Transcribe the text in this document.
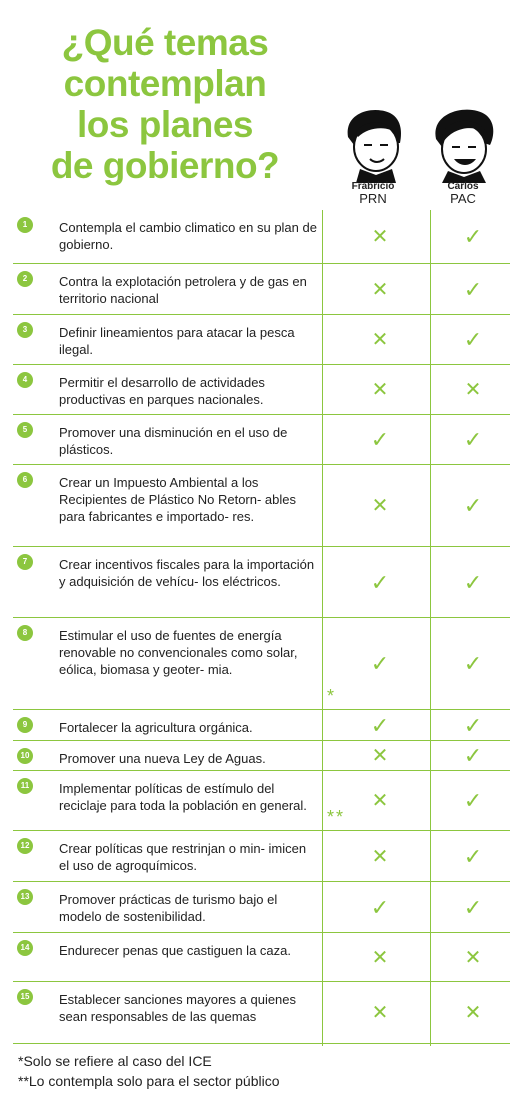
¿Qué temas
contemplan
los planes
de gobierno?
Frabricio
PRN
Carlos
PAC
1	Contempla el cambio climatico en su plan de gobierno.	✕	✓
2	Contra la explotación petrolera y de gas en territorio nacional	✕	✓
3	Definir lineamientos para atacar la pesca ilegal.	✕	✓
4	Permitir el desarrollo de actividades productivas en parques nacionales.	✕	✕
5	Promover una disminución en el uso de plásticos.	✓	✓
6	Crear un Impuesto Ambiental a los Recipientes de Plástico No Retorn- ables para fabricantes e importado- res.	✕	✓
7	Crear incentivos fiscales para la importación y adquisición de vehícu- los eléctricos.	✓	✓
8	Estimular el uso de fuentes de energía renovable no convencionales como solar, eólica, biomasa y geoter- mia.	✓	✓
*
9	Fortalecer la agricultura orgánica.	✓	✓
10 Promover una nueva Ley de Aguas.	✕	✓
11 Implementar políticas de estímulo del reciclaje para toda la población en general.	✕	✓
**
12 Crear políticas que restrinjan o min- imicen el uso de agroquímicos.	✕	✓
13 Promover prácticas de turismo bajo el modelo de sostenibilidad.	✓	✓
14 Endurecer penas que castiguen la caza.	✕	✕
15 Establecer sanciones mayores a quienes sean responsables de las quemas	✕	✕
*Solo se refiere al caso del ICE
**Lo contempla solo para el sector público
